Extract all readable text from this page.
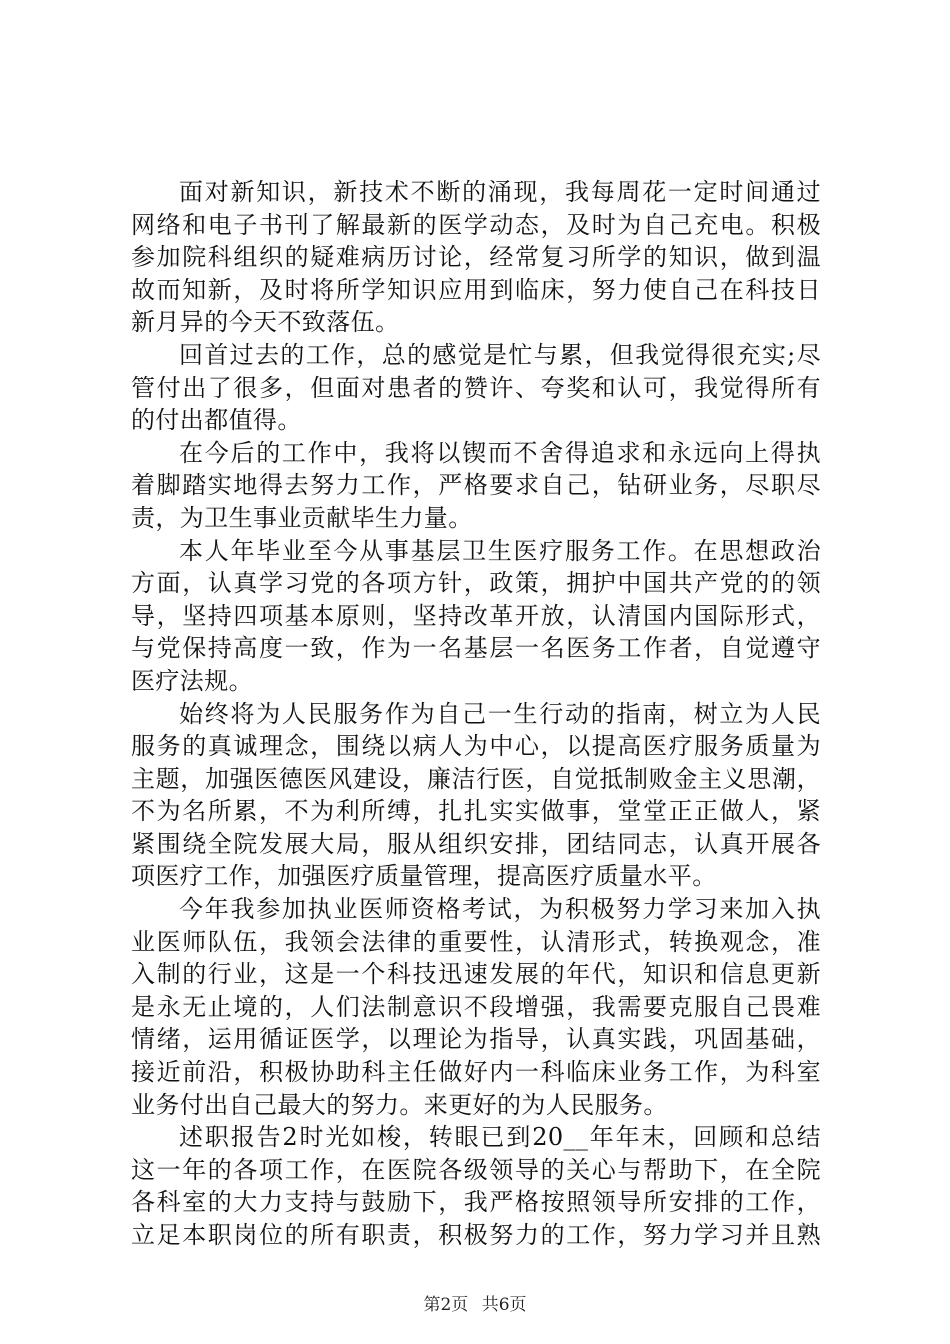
面对新知识，新技术不断的涌现，我每周花一定时间通过
网络和电子书刊了解最新的医学动态，及时为自己充电。积极
参加院科组织的疑难病历讨论，经常复习所学的知识，做到温
故而知新，及时将所学知识应用到临床，努力使自己在科技日
新月异的今天不致落伍。
回首过去的工作，总的感觉是忙与累，但我觉得很充实;尽
管付出了很多，但面对患者的赞许、夸奖和认可，我觉得所有
的付出都值得。
在今后的工作中，我将以锲而不舍得追求和永远向上得执
着脚踏实地得去努力工作，严格要求自己，钻研业务，尽职尽
责，为卫生事业贡献毕生力量。
本人年毕业至今从事基层卫生医疗服务工作。在思想政治
方面，认真学习党的各项方针，政策，拥护中国共产党的的领
导，坚持四项基本原则，坚持改革开放，认清国内国际形式，
与党保持高度一致，作为一名基层一名医务工作者，自觉遵守
医疗法规。
始终将为人民服务作为自己一生行动的指南，树立为人民
服务的真诚理念，围绕以病人为中心，以提高医疗服务质量为
主题，加强医德医风建设，廉洁行医，自觉抵制败金主义思潮，
不为名所累，不为利所缚，扎扎实实做事，堂堂正正做人，紧
紧围绕全院发展大局，服从组织安排，团结同志，认真开展各
项医疗工作，加强医疗质量管理，提高医疗质量水平。
今年我参加执业医师资格考试，为积极努力学习来加入执
业医师队伍，我领会法律的重要性，认清形式，转换观念，准
入制的行业，这是一个科技迅速发展的年代，知识和信息更新
是永无止境的，人们法制意识不段增强，我需要克服自己畏难
情绪，运用循证医学，以理论为指导，认真实践，巩固基础，
接近前沿，积极协助科主任做好内一科临床业务工作，为科室
业务付出自己最大的努力。来更好的为人民服务。
述职报告2时光如梭，转眼已到20__年年末，回顾和总结
这一年的各项工作，在医院各级领导的关心与帮助下，在全院
各科室的大力支持与鼓励下，我严格按照领导所安排的工作，
立足本职岗位的所有职责，积极努力的工作，努力学习并且熟
第2页 共6页
